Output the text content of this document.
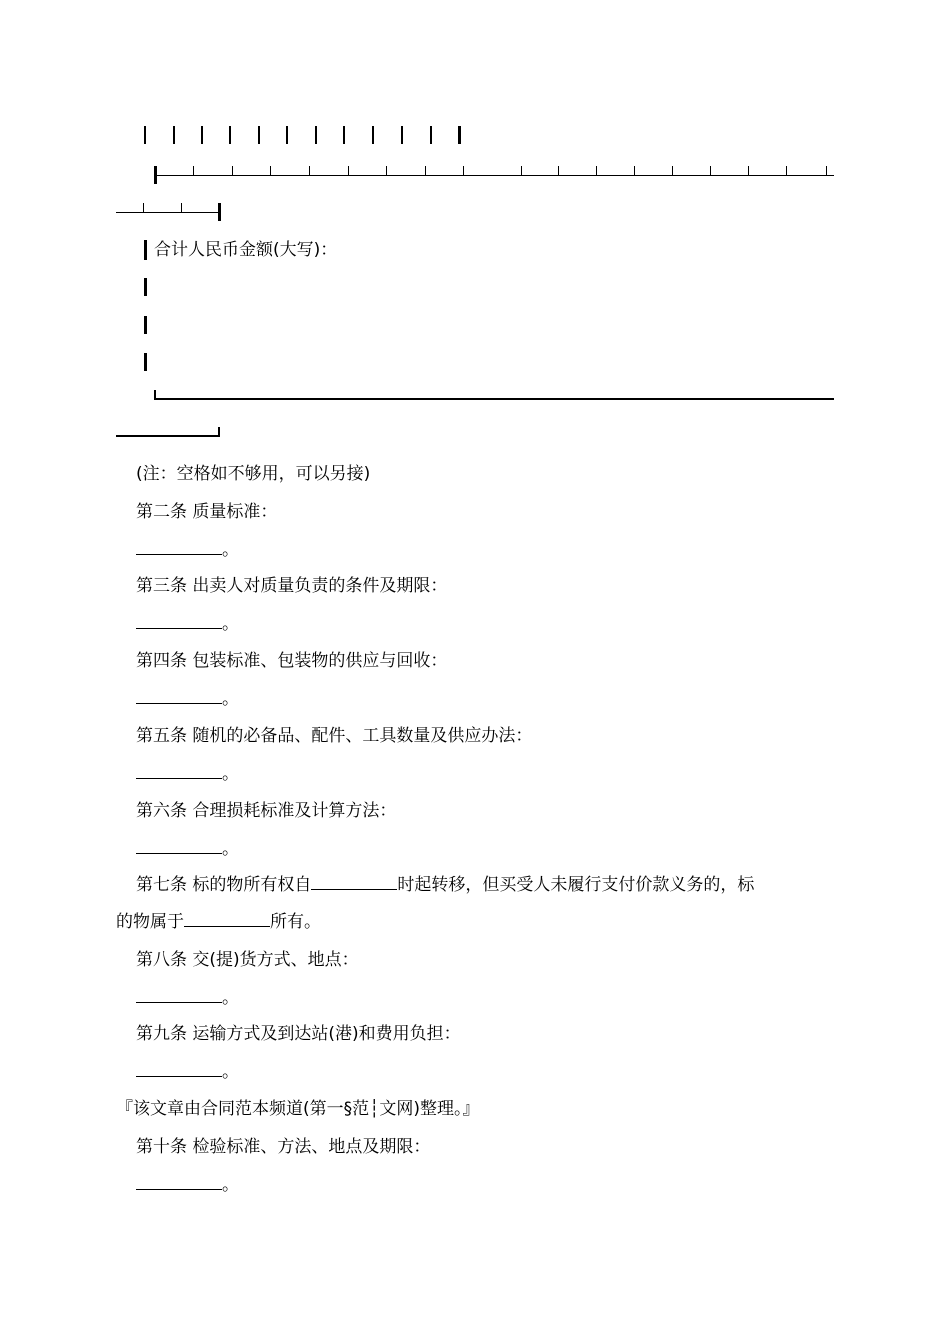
合计人民币金额(大写)：
(注：空格如不够用，可以另接)
第二条 质量标准：
。
第三条 出卖人对质量负责的条件及期限：
。
第四条 包装标准、包装物的供应与回收：
。
第五条 随机的必备品、配件、工具数量及供应办法：
。
第六条 合理损耗标准及计算方法：
。
第七条 标的物所有权自	时起转移，但买受人未履行支付价款义务的，标
的物属于	所有。
第八条 交(提)货方式、地点：
。
第九条 运输方式及到达站(港)和费用负担：
。
『该文章由合同范本频道(第一§范┆文网)整理。』
第十条 检验标准、方法、地点及期限：
。
